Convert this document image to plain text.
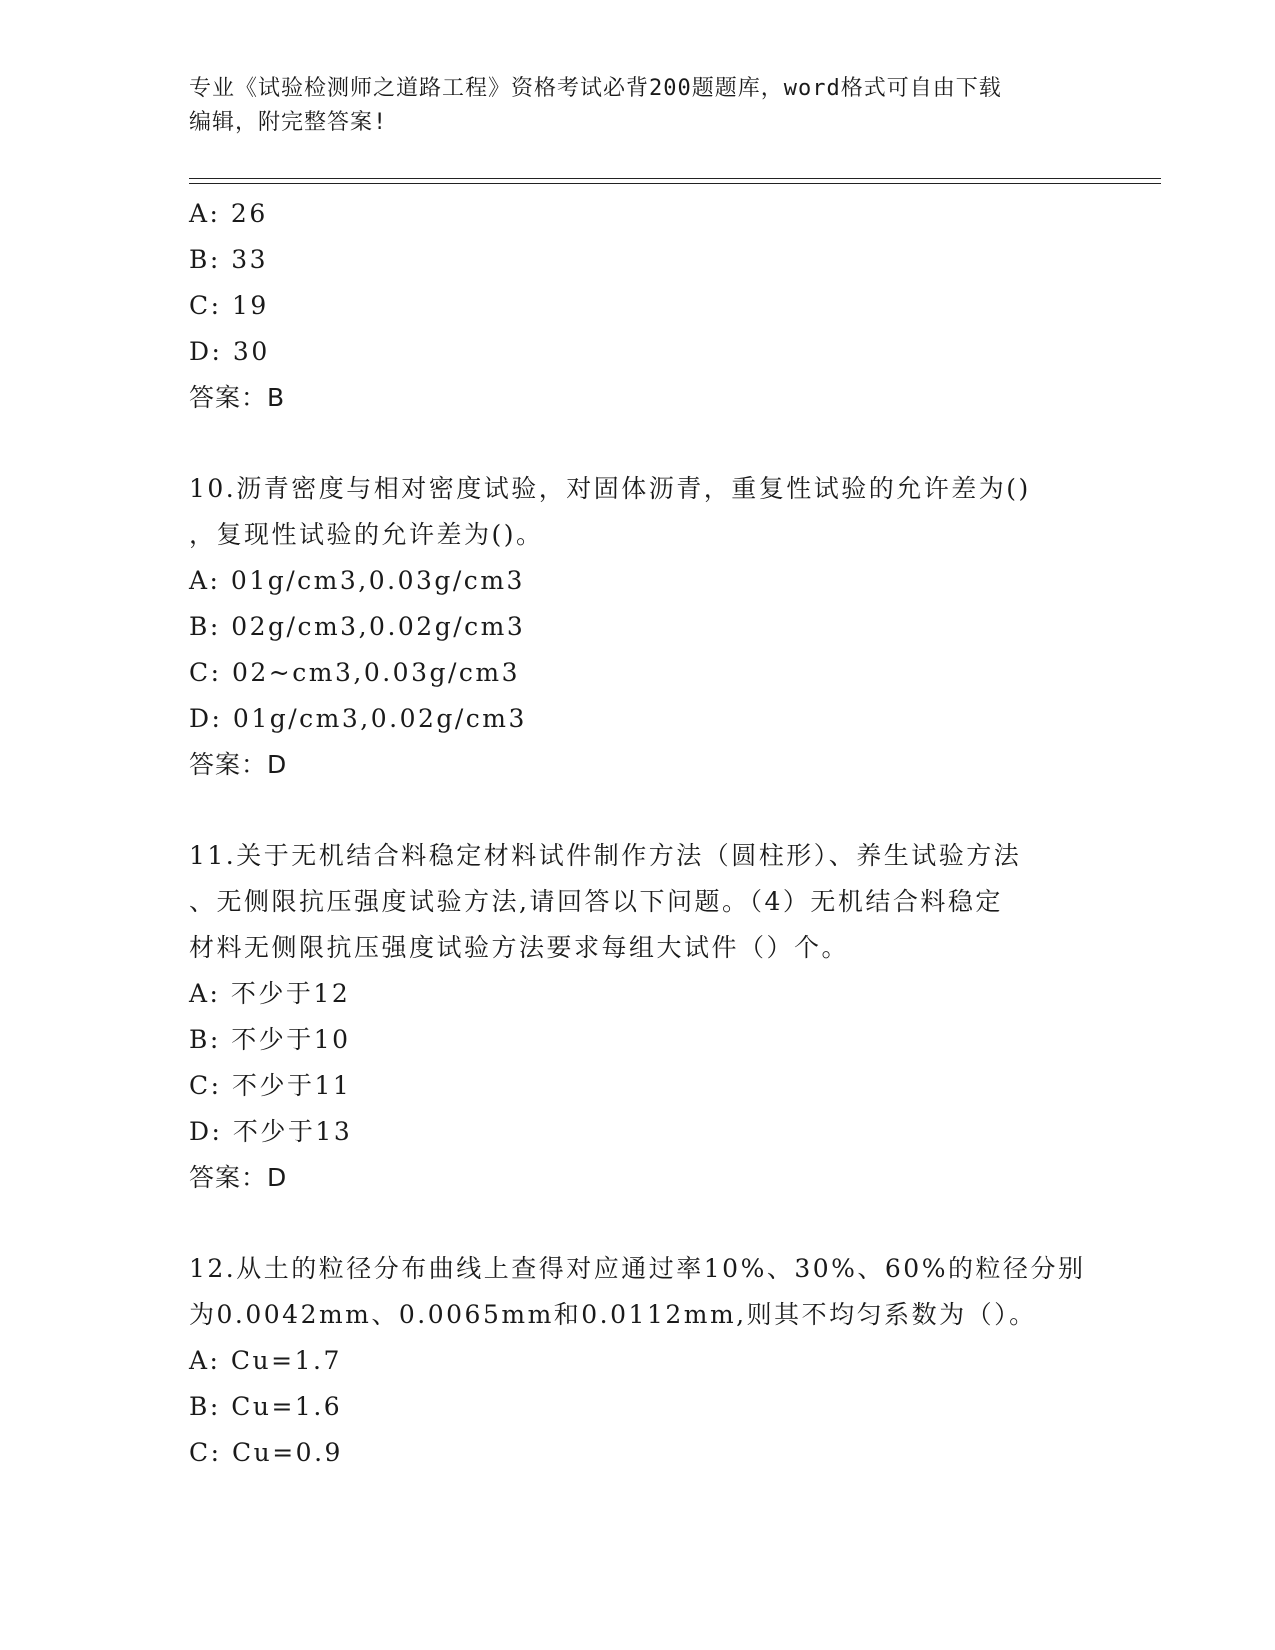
专业《试验检测师之道路工程》资格考试必背200题题库，word格式可自由下载
编辑，附完整答案!
A: 26
B: 33
C: 19
D: 30
答案：B
10.沥青密度与相对密度试验，对固体沥青，重复性试验的允许差为()
，复现性试验的允许差为()。
A: 01g/cm3,0.03g/cm3
B: 02g/cm3,0.02g/cm3
C: 02~cm3,0.03g/cm3
D: 01g/cm3,0.02g/cm3
答案：D
11.关于无机结合料稳定材料试件制作方法（圆柱形）、养生试验方法
、无侧限抗压强度试验方法,请回答以下问题。（4）无机结合料稳定
材料无侧限抗压强度试验方法要求每组大试件（）个。
A: 不少于12
B: 不少于10
C: 不少于11
D: 不少于13
答案：D
12.从土的粒径分布曲线上查得对应通过率10%、30%、60%的粒径分别
为0.0042mm、0.0065mm和0.0112mm,则其不均匀系数为（）。
A: Cu=1.7
B: Cu=1.6
C: Cu=0.9
